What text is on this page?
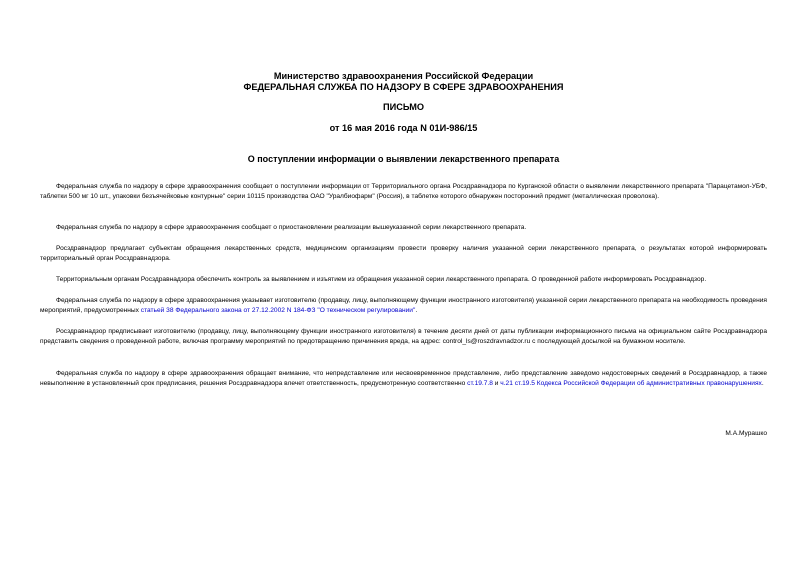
Министерство здравоохранения Российской Федерации
ФЕДЕРАЛЬНАЯ СЛУЖБА ПО НАДЗОРУ В СФЕРЕ ЗДРАВООХРАНЕНИЯ
ПИСЬМО
от 16 мая 2016 года N 01И-986/15
О поступлении информации о выявлении лекарственного препарата

Федеральная служба по надзору в сфере здравоохранения сообщает о поступлении информации от Территориального органа Росздравнадзора по Курганской области о выявлении лекарственного препарата "Парацетамол-УБФ, таблетки 500 мг 10 шт., упаковки безъячейковые контурные" серии 10115 производства ОАО "Уралбиофарм" (Россия), в таблетке которого обнаружен посторонний предмет (металлическая проволока).

Федеральная служба по надзору в сфере здравоохранения сообщает о приостановлении реализации вышеуказанной серии лекарственного препарата.

Росздравнадзор предлагает субъектам обращения лекарственных средств, медицинским организациям провести проверку наличия указанной серии лекарственного препарата, о результатах которой информировать территориальный орган Росздравнадзора.

Территориальным органам Росздравнадзора обеспечить контроль за выявлением и изъятием из обращения указанной серии лекарственного препарата. О проведенной работе информировать Росздравнадзор.

Федеральная служба по надзору в сфере здравоохранения указывает изготовителю (продавцу, лицу, выполняющему функции иностранного изготовителя) указанной серии лекарственного препарата на необходимость проведения мероприятий, предусмотренных статьей 38 Федерального закона от 27.12.2002 N 184-ФЗ "О техническом регулировании".

Росздравнадзор предписывает изготовителю (продавцу, лицу, выполняющему функции иностранного изготовителя) в течение десяти дней от даты публикации информационного письма на официальном сайте Росздравнадзора представить сведения о проведенной работе, включая программу мероприятий по предотвращению причинения вреда, на адрес: control_ls@roszdravnadzor.ru с последующей досылкой на бумажном носителе.

Федеральная служба по надзору в сфере здравоохранения обращает внимание, что непредставление или несвоевременное представление, либо представление заведомо недостоверных сведений в Росздравнадзор, а также невыполнение в установленный срок предписания, решения Росздравнадзора влечет ответственность, предусмотренную соответственно ст.19.7.8 и ч.21 ст.19.5 Кодекса Российской Федерации об административных правонарушениях.

М.А.Мурашко
